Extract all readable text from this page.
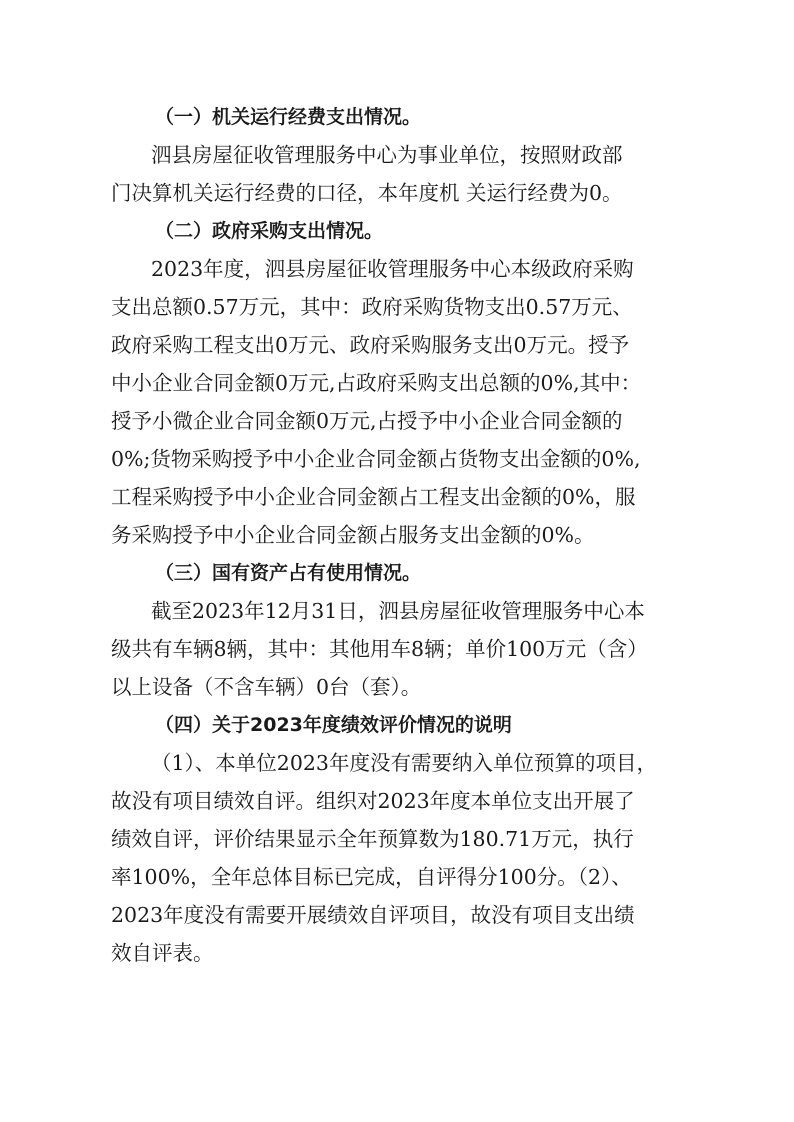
（一）机关运行经费支出情况。

泗县房屋征收管理服务中心为事业单位，按照财政部
门决算机关运行经费的口径，本年度机 关运行经费为0。

（二）政府采购支出情况。

2023年度，泗县房屋征收管理服务中心本级政府采购
支出总额0.57万元，其中：政府采购货物支出0.57万元、
政府采购工程支出0万元、政府采购服务支出0万元。授予
中小企业合同金额0万元,占政府采购支出总额的0%,其中：
授予小微企业合同金额0万元,占授予中小企业合同金额的
0%;货物采购授予中小企业合同金额占货物支出金额的0%,
工程采购授予中小企业合同金额占工程支出金额的0%，服
务采购授予中小企业合同金额占服务支出金额的0%。

（三）国有资产占有使用情况。

截至2023年12月31日，泗县房屋征收管理服务中心本
级共有车辆8辆，其中：其他用车8辆；单价100万元（含）
以上设备（不含车辆）0台（套）。

（四）关于2023年度绩效评价情况的说明

（1）、本单位2023年度没有需要纳入单位预算的项目，
故没有项目绩效自评。组织对2023年度本单位支出开展了
绩效自评，评价结果显示全年预算数为180.71万元，执行
率100%，全年总体目标已完成，自评得分100分。（2）、
2023年度没有需要开展绩效自评项目，故没有项目支出绩
效自评表。
